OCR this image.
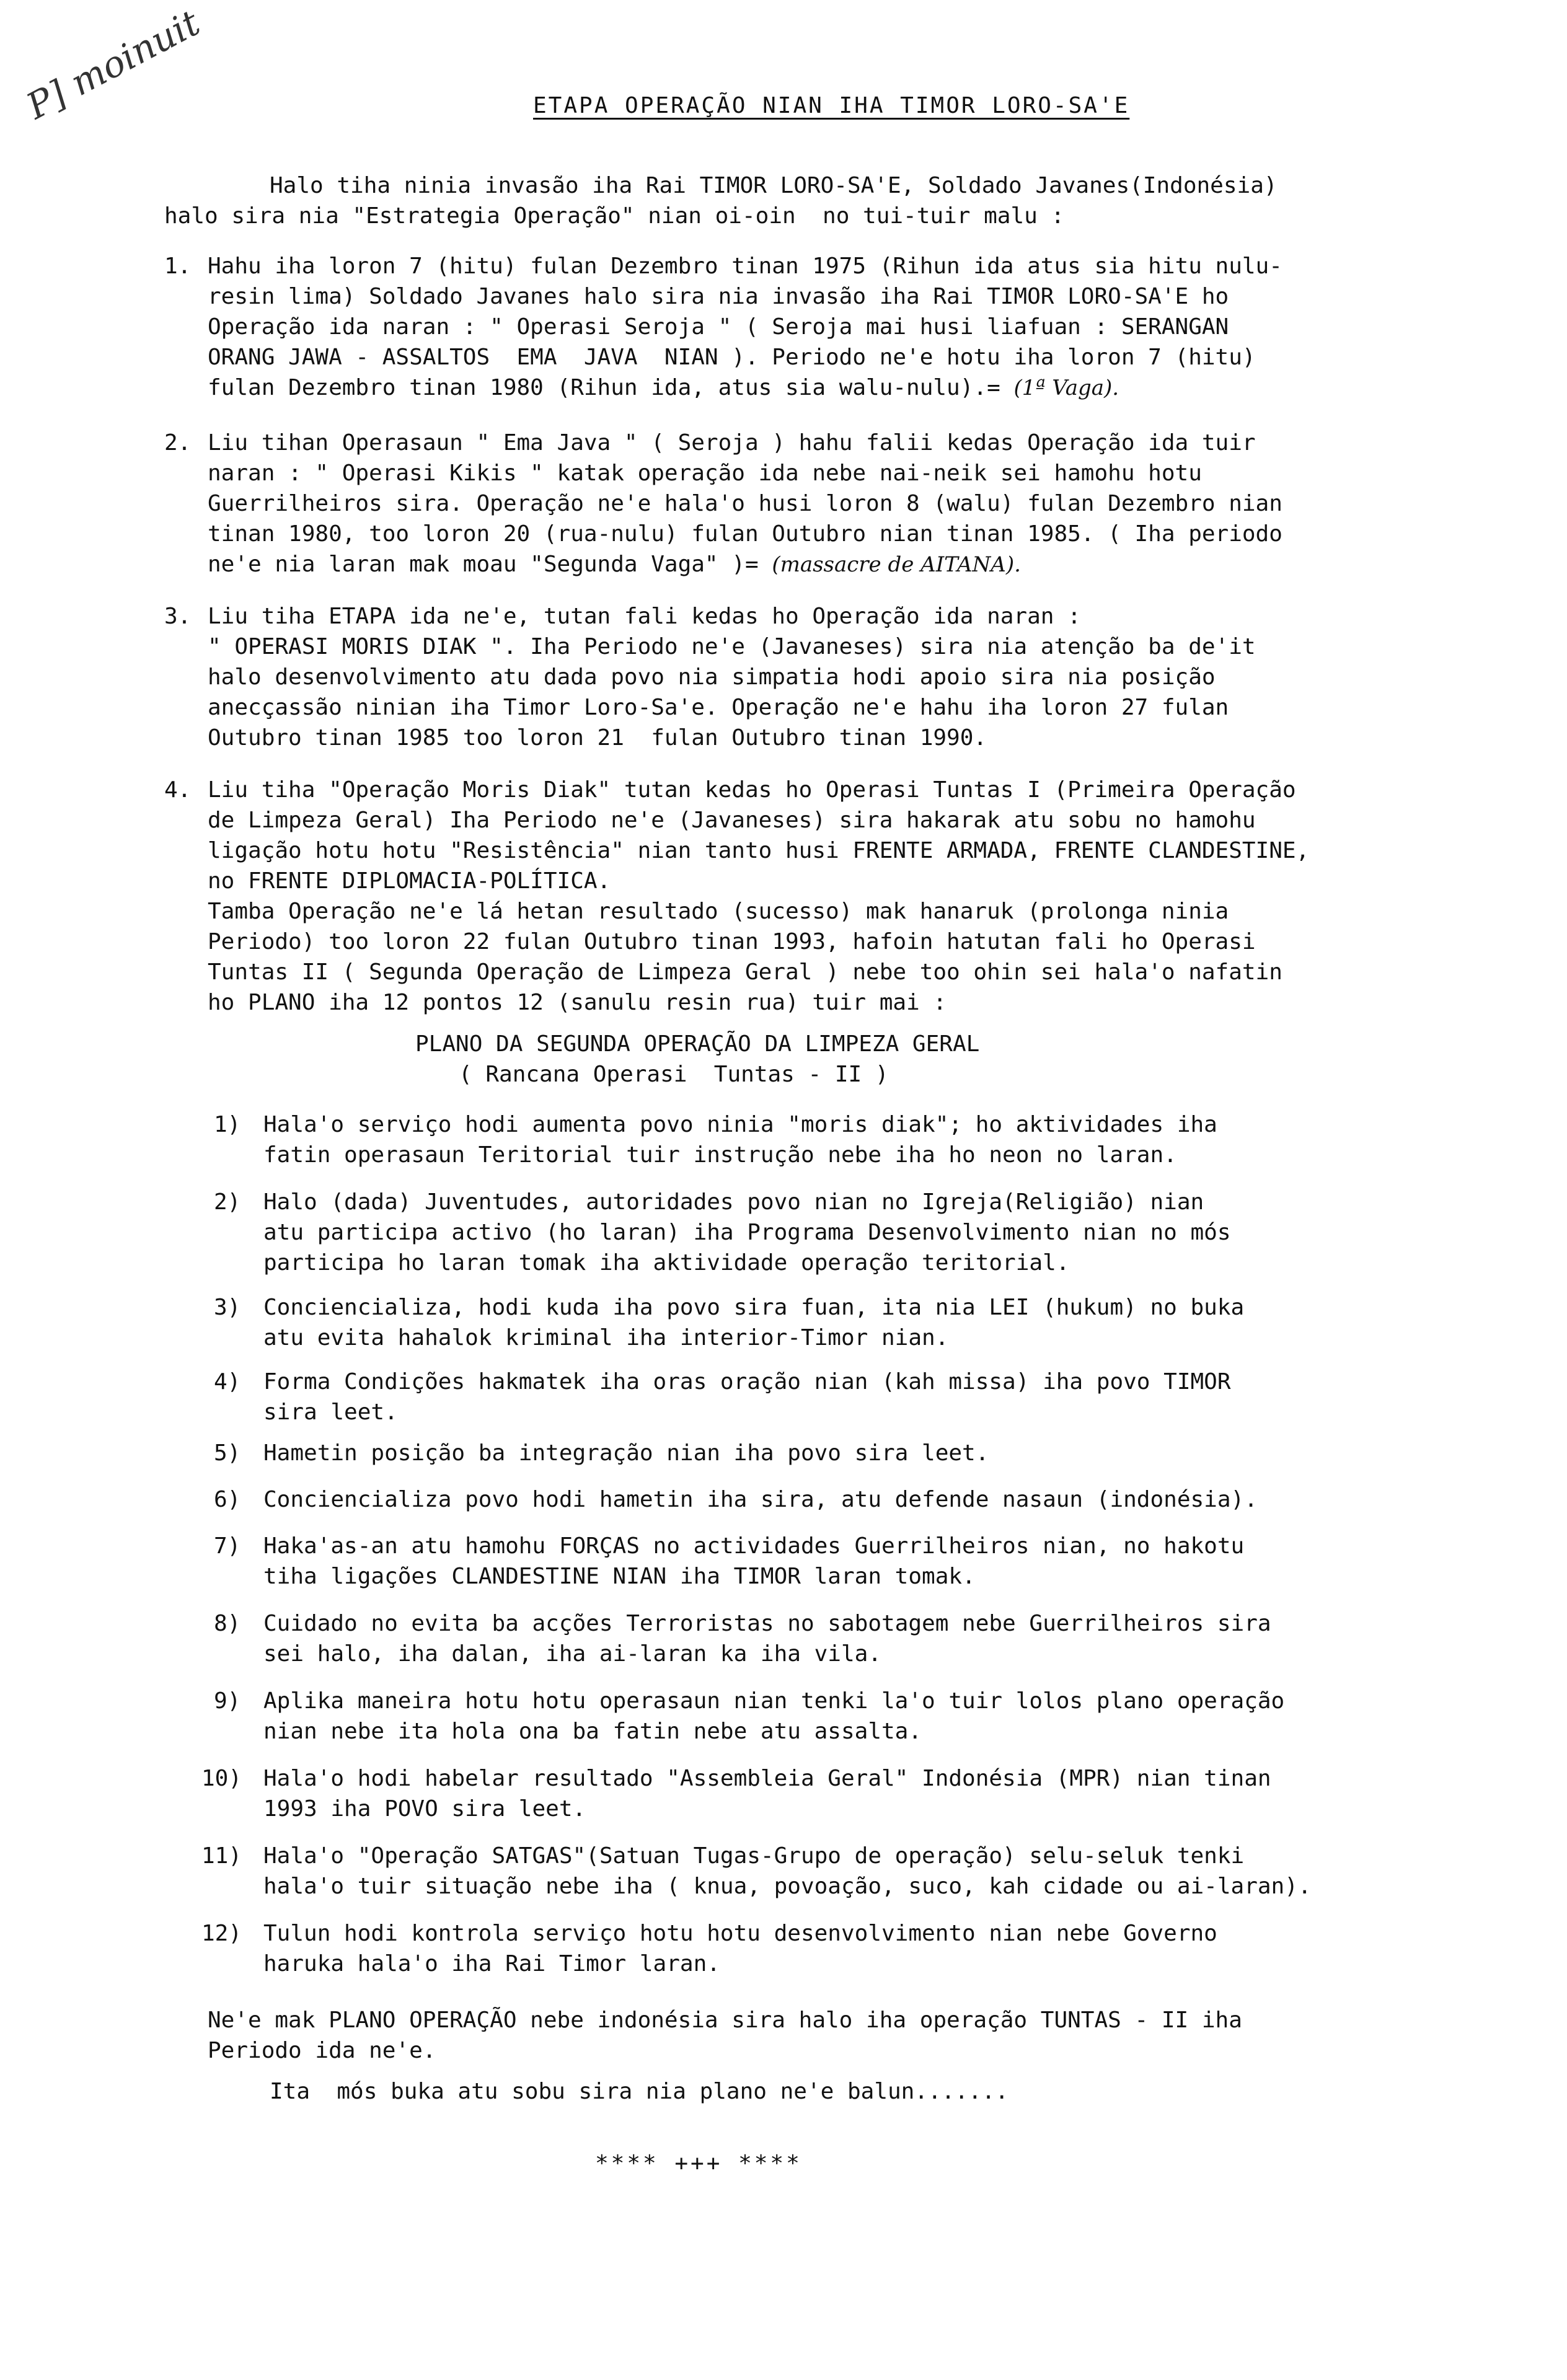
P] moinuit	ETAPA OPERAÇÃO NIAN IHA TIMOR LORO-SA'E
Halo tiha ninia invasão iha Rai TIMOR LORO-SA'E, Soldado Javanes(Indonésia)
halo sira nia "Estrategia Operação" nian oi-oin  no tui-tuir malu :
1. Hahu iha loron 7 (hitu) fulan Dezembro tinan 1975 (Rihun ida atus sia hitu nulu-
resin lima) Soldado Javanes halo sira nia invasão iha Rai TIMOR LORO-SA'E ho
Operação ida naran : " Operasi Seroja " ( Seroja mai husi liafuan : SERANGAN
ORANG JAWA - ASSALTOS  EMA  JAVA  NIAN ). Periodo ne'e hotu iha loron 7 (hitu)
fulan Dezembro tinan 1980 (Rihun ida, atus sia walu-nulu).= (1ª Vaga).
2. Liu tihan Operasaun " Ema Java " ( Seroja ) hahu falii kedas Operação ida tuir
naran : " Operasi Kikis " katak operação ida nebe nai-neik sei hamohu hotu
Guerrilheiros sira. Operação ne'e hala'o husi loron 8 (walu) fulan Dezembro nian
tinan 1980, too loron 20 (rua-nulu) fulan Outubro nian tinan 1985. ( Iha periodo
ne'e nia laran mak moau "Segunda Vaga" )= (massacre de AITANA).
3. Liu tiha ETAPA ida ne'e, tutan fali kedas ho Operação ida naran :
" OPERASI MORIS DIAK ". Iha Periodo ne'e (Javaneses) sira nia atenção ba de'it
halo desenvolvimento atu dada povo nia simpatia hodi apoio sira nia posição
anecçassão ninian iha Timor Loro-Sa'e. Operação ne'e hahu iha loron 27 fulan
Outubro tinan 1985 too loron 21  fulan Outubro tinan 1990.
4. Liu tiha "Operação Moris Diak" tutan kedas ho Operasi Tuntas I (Primeira Operação
de Limpeza Geral) Iha Periodo ne'e (Javaneses) sira hakarak atu sobu no hamohu
ligação hotu hotu "Resistência" nian tanto husi FRENTE ARMADA, FRENTE CLANDESTINE,
no FRENTE DIPLOMACIA-POLÍTICA.
Tamba Operação ne'e lá hetan resultado (sucesso) mak hanaruk (prolonga ninia
Periodo) too loron 22 fulan Outubro tinan 1993, hafoin hatutan fali ho Operasi
Tuntas II ( Segunda Operação de Limpeza Geral ) nebe too ohin sei hala'o nafatin
ho PLANO iha 12 pontos 12 (sanulu resin rua) tuir mai :
PLANO DA SEGUNDA OPERAÇÃO DA LIMPEZA GERAL
( Rancana Operasi  Tuntas - II )
1) Hala'o serviço hodi aumenta povo ninia "moris diak"; ho aktividades iha
fatin operasaun Teritorial tuir instrução nebe iha ho neon no laran.
2) Halo (dada) Juventudes, autoridades povo nian no Igreja(Religião) nian
atu participa activo (ho laran) iha Programa Desenvolvimento nian no mós
participa ho laran tomak iha aktividade operação teritorial.
3) Conciencializa, hodi kuda iha povo sira fuan, ita nia LEI (hukum) no buka
atu evita hahalok kriminal iha interior-Timor nian.
4) Forma Condições hakmatek iha oras oração nian (kah missa) iha povo TIMOR
sira leet.
5) Hametin posição ba integração nian iha povo sira leet.
6) Conciencializa povo hodi hametin iha sira, atu defende nasaun (indonésia).
7) Haka'as-an atu hamohu FORÇAS no actividades Guerrilheiros nian, no hakotu
tiha ligações CLANDESTINE NIAN iha TIMOR laran tomak.
8) Cuidado no evita ba acções Terroristas no sabotagem nebe Guerrilheiros sira
sei halo, iha dalan, iha ai-laran ka iha vila.
9) Aplika maneira hotu hotu operasaun nian tenki la'o tuir lolos plano operação
nian nebe ita hola ona ba fatin nebe atu assalta.
10) Hala'o hodi habelar resultado "Assembleia Geral" Indonésia (MPR) nian tinan
1993 iha POVO sira leet.
11) Hala'o "Operação SATGAS"(Satuan Tugas-Grupo de operação) selu-seluk tenki
hala'o tuir situação nebe iha ( knua, povoação, suco, kah cidade ou ai-laran).
12) Tulun hodi kontrola serviço hotu hotu desenvolvimento nian nebe Governo
haruka hala'o iha Rai Timor laran.
Ne'e mak PLANO OPERAÇÃO nebe indonésia sira halo iha operação TUNTAS - II iha
Periodo ida ne'e.
Ita  mós buka atu sobu sira nia plano ne'e balun.......
**** +++ ****
